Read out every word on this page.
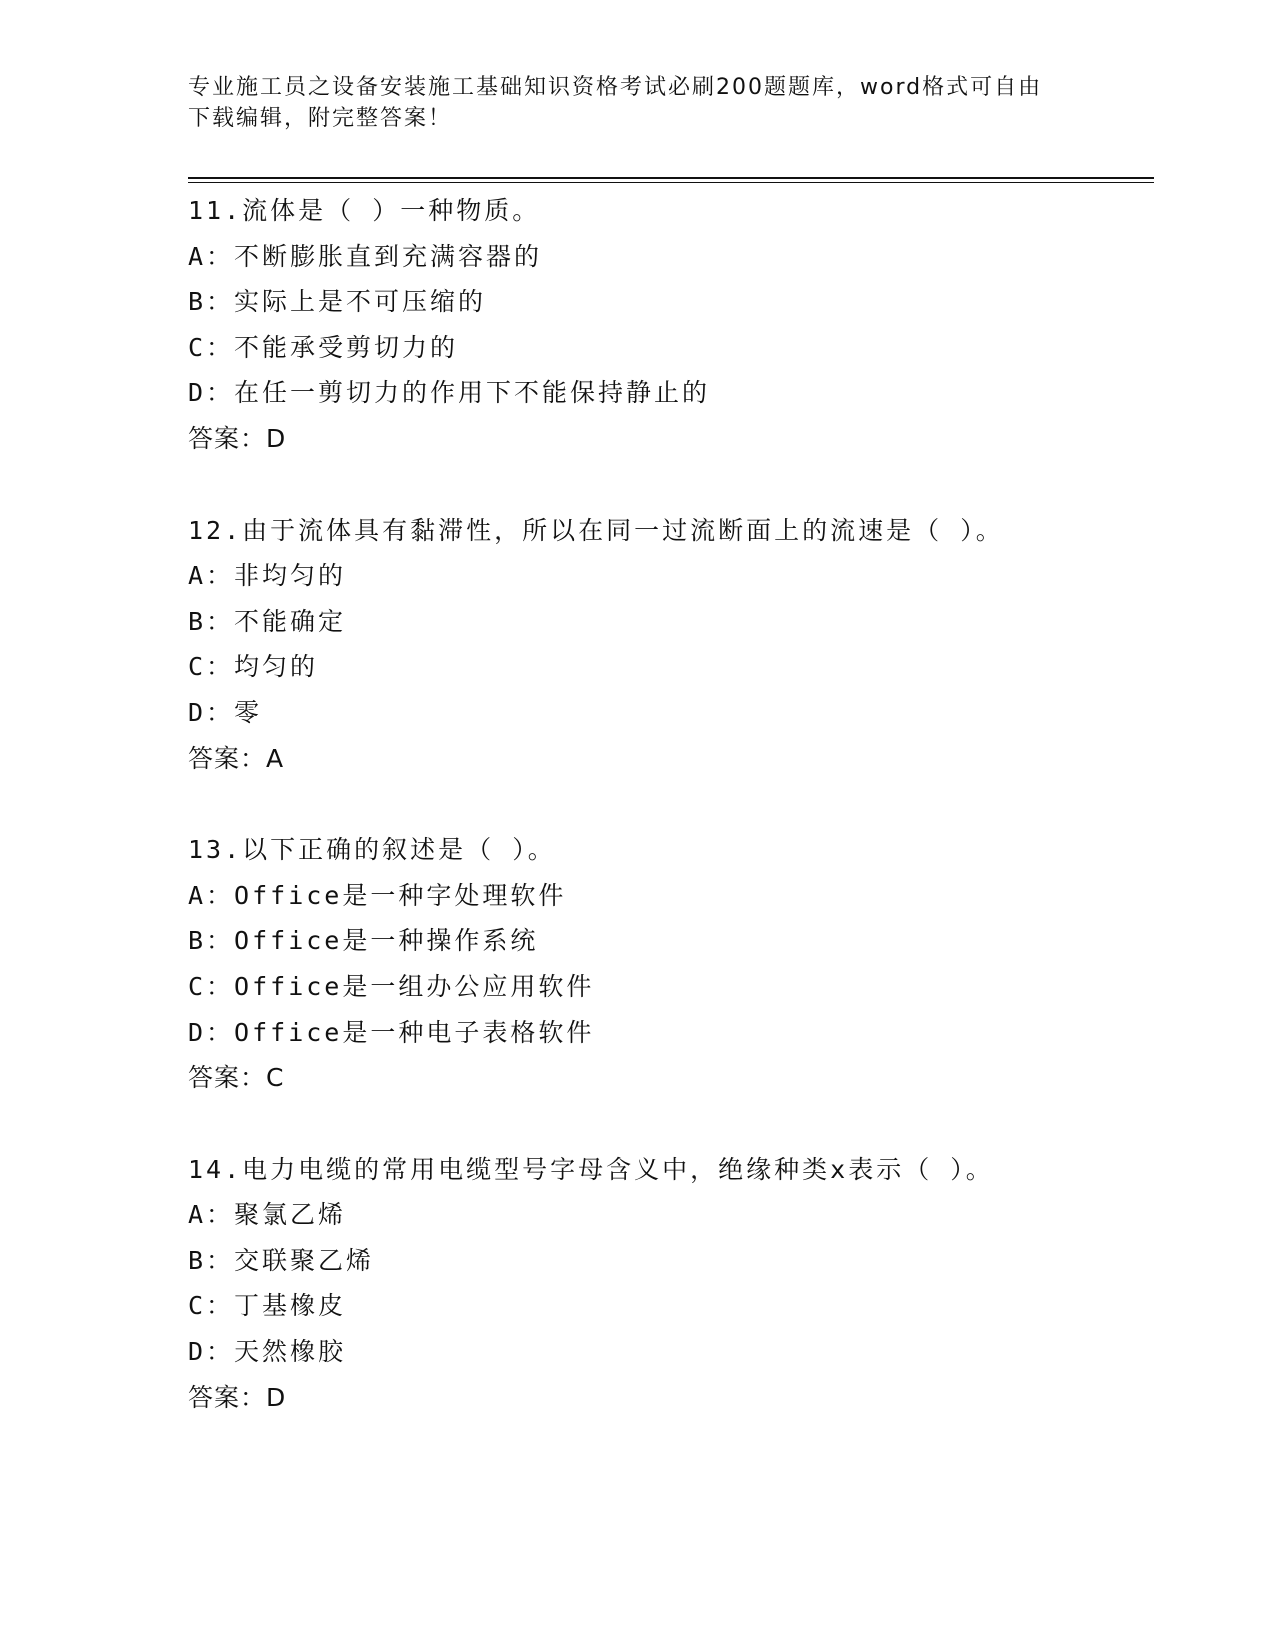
专业施工员之设备安装施工基础知识资格考试必刷200题题库，word格式可自由
下载编辑，附完整答案！
11.流体是（ ）一种物质。
A：不断膨胀直到充满容器的
B：实际上是不可压缩的
C：不能承受剪切力的
D：在任一剪切力的作用下不能保持静止的
答案：D
12.由于流体具有黏滞性，所以在同一过流断面上的流速是（ ）。
A：非均匀的
B：不能确定
C：均匀的
D：零
答案：A
13.以下正确的叙述是（ ）。
A：Office是一种字处理软件
B：Office是一种操作系统
C：Office是一组办公应用软件
D：Office是一种电子表格软件
答案：C
14.电力电缆的常用电缆型号字母含义中，绝缘种类x表示（ ）。
A：聚氯乙烯
B：交联聚乙烯
C：丁基橡皮
D：天然橡胶
答案：D
